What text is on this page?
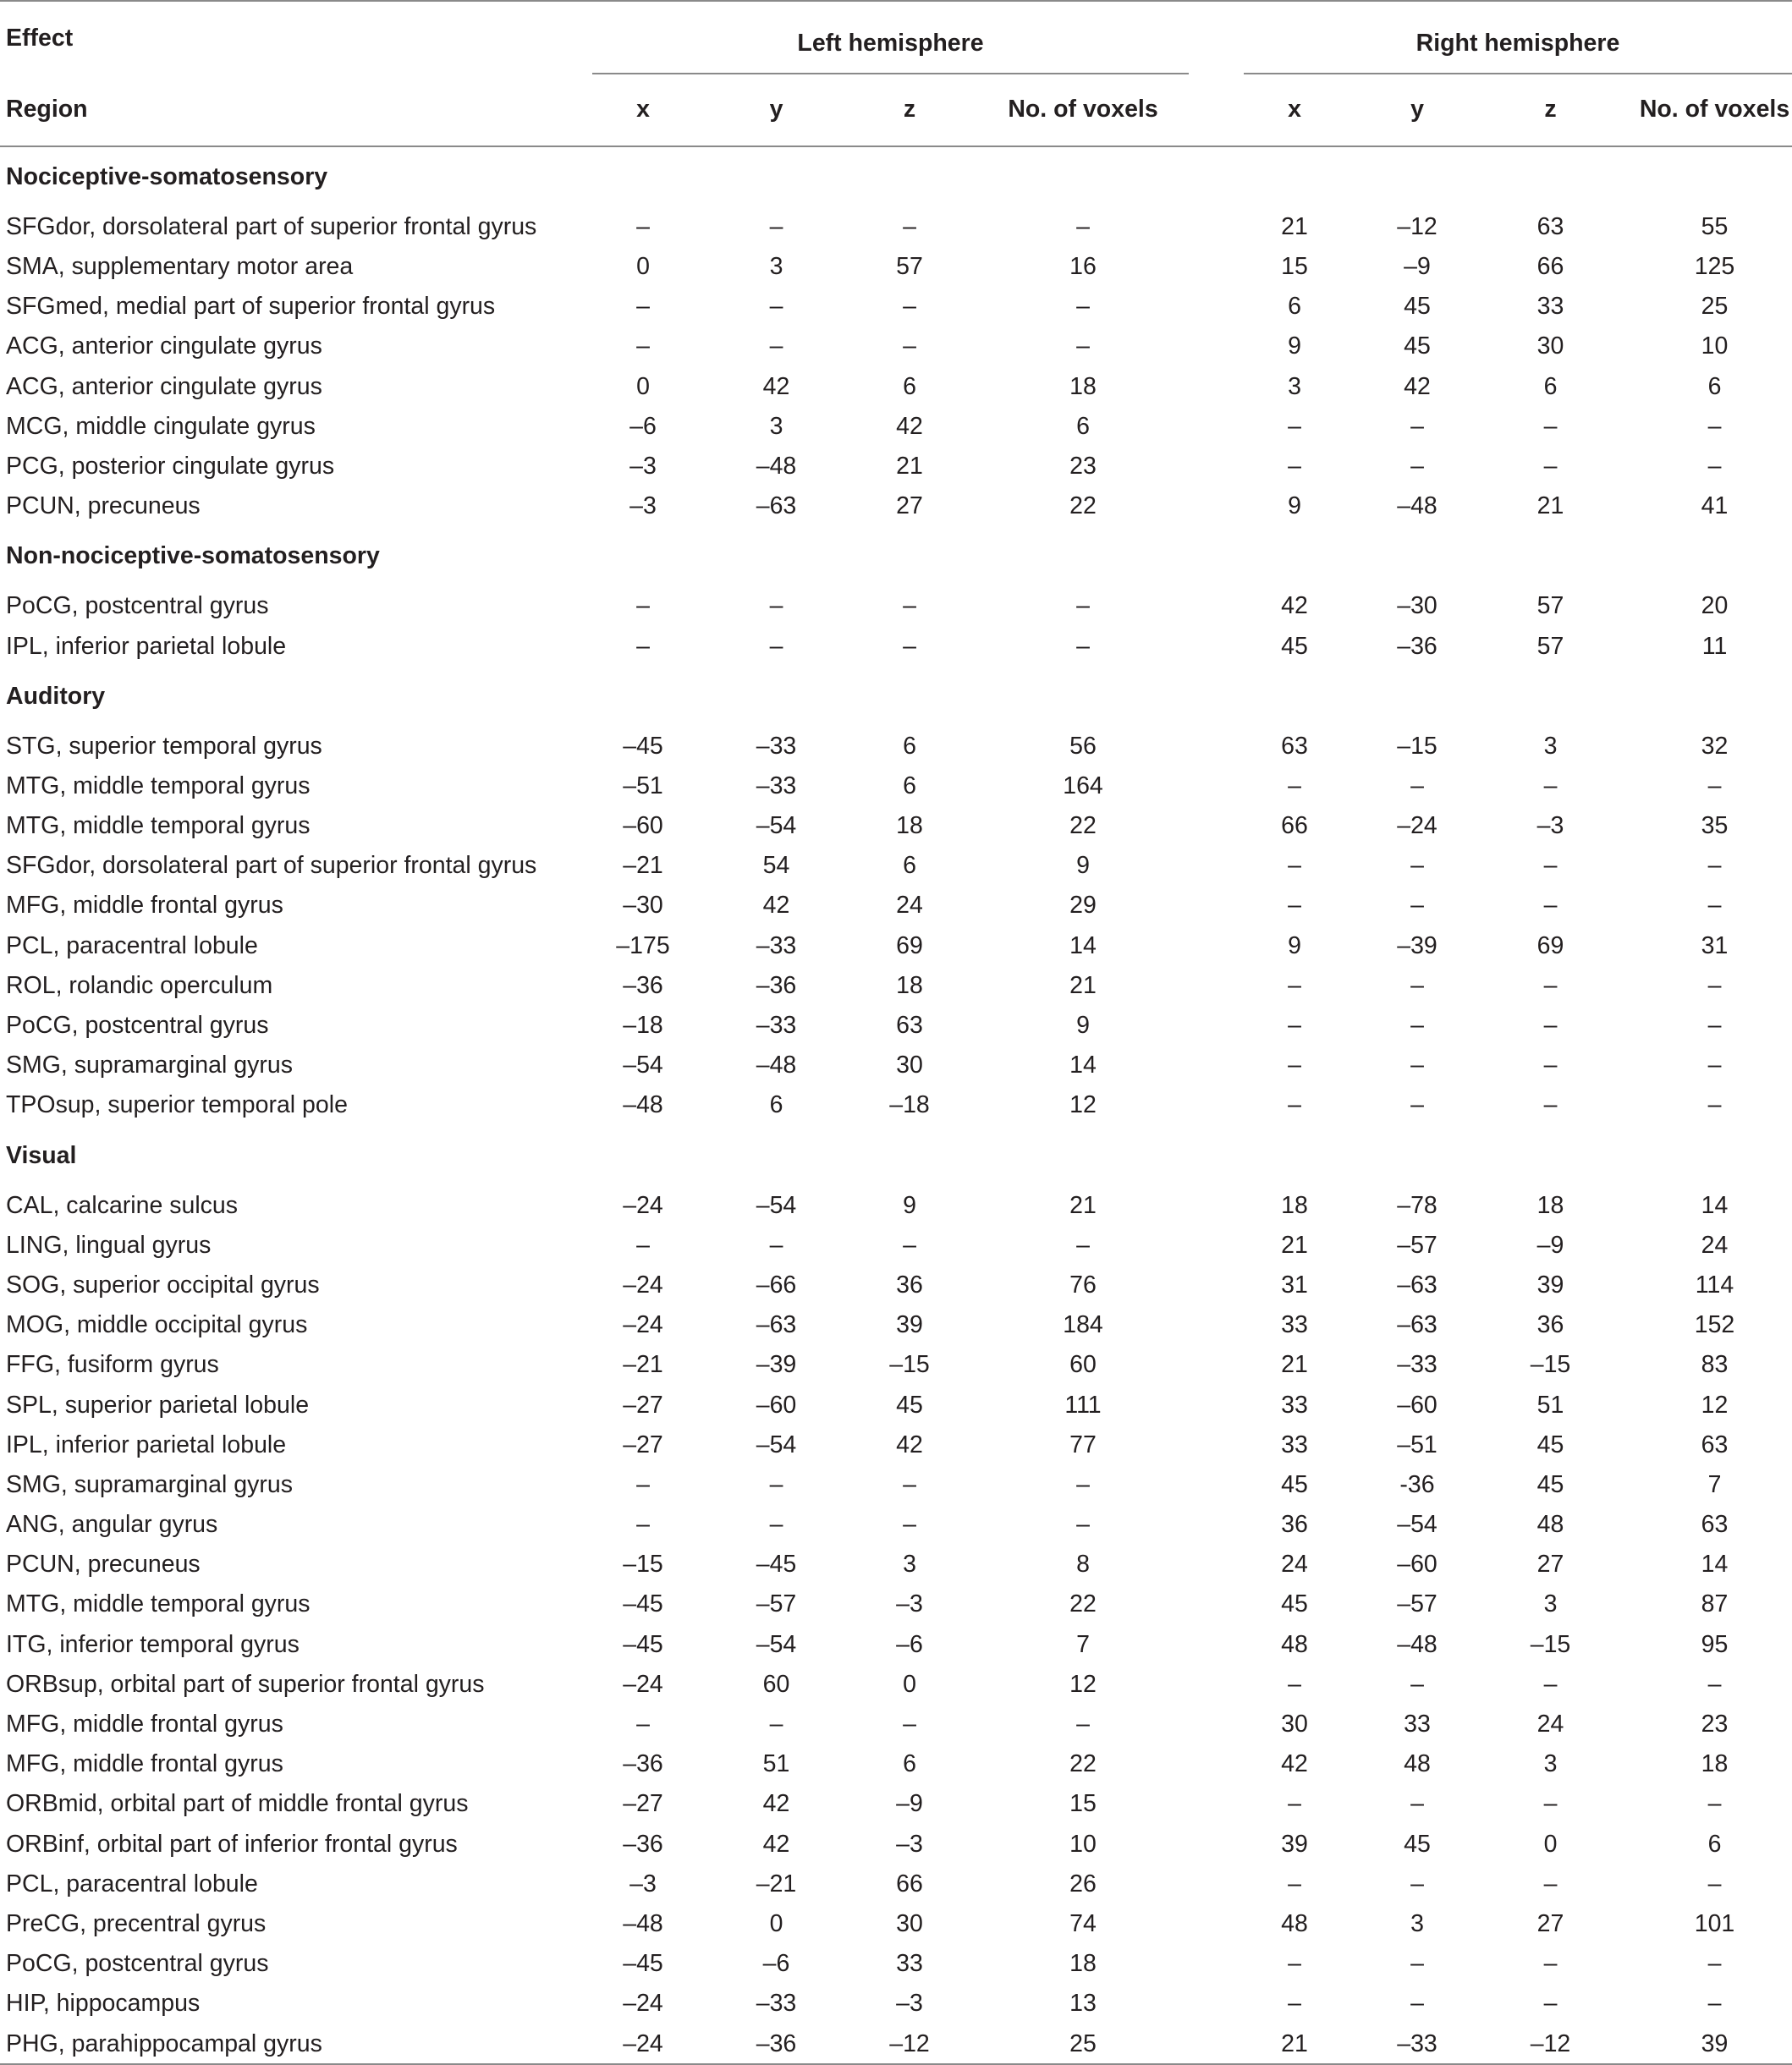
Effect	Left hemisphere					Right hemisphere			

Region	x	y	z	No. of voxels		x	y	z	No. of voxels
Nociceptive-somatosensory									
SFGdor, dorsolateral part of superior frontal gyrus	–	–	–	–		21	–12	63	55
SMA, supplementary motor area	0	3	57	16		15	–9	66	125
SFGmed, medial part of superior frontal gyrus	–	–	–	–		6	45	33	25
ACG, anterior cingulate gyrus	–	–	–	–		9	45	30	10
ACG, anterior cingulate gyrus	0	42	6	18		3	42	6	6
MCG, middle cingulate gyrus	–6	3	42	6		–	–	–	–
PCG, posterior cingulate gyrus	–3	–48	21	23		–	–	–	–
PCUN, precuneus	–3	–63	27	22		9	–48	21	41
Non-nociceptive-somatosensory									
PoCG, postcentral gyrus	–	–	–	–		42	–30	57	20
IPL, inferior parietal lobule	–	–	–	–		45	–36	57	11
Auditory									
STG, superior temporal gyrus	–45	–33	6	56		63	–15	3	32
MTG, middle temporal gyrus	–51	–33	6	164		–	–	–	–
MTG, middle temporal gyrus	–60	–54	18	22		66	–24	–3	35
SFGdor, dorsolateral part of superior frontal gyrus	–21	54	6	9		–	–	–	–
MFG, middle frontal gyrus	–30	42	24	29		–	–	–	–
PCL, paracentral lobule	–175	–33	69	14		9	–39	69	31
ROL, rolandic operculum	–36	–36	18	21		–	–	–	–
PoCG, postcentral gyrus	–18	–33	63	9		–	–	–	–
SMG, supramarginal gyrus	–54	–48	30	14		–	–	–	–
TPOsup, superior temporal pole	–48	6	–18	12		–	–	–	–
Visual									
CAL, calcarine sulcus	–24	–54	9	21		18	–78	18	14
LING, lingual gyrus	–	–	–	–		21	–57	–9	24
SOG, superior occipital gyrus	–24	–66	36	76		31	–63	39	114
MOG, middle occipital gyrus	–24	–63	39	184		33	–63	36	152
FFG, fusiform gyrus	–21	–39	–15	60		21	–33	–15	83
SPL, superior parietal lobule	–27	–60	45	111		33	–60	51	12
IPL, inferior parietal lobule	–27	–54	42	77		33	–51	45	63
SMG, supramarginal gyrus	–	–	–	–		45	-36	45	7
ANG, angular gyrus	–	–	–	–		36	–54	48	63
PCUN, precuneus	–15	–45	3	8		24	–60	27	14
MTG, middle temporal gyrus	–45	–57	–3	22		45	–57	3	87
ITG, inferior temporal gyrus	–45	–54	–6	7		48	–48	–15	95
ORBsup, orbital part of superior frontal gyrus	–24	60	0	12		–	–	–	–
MFG, middle frontal gyrus	–	–	–	–		30	33	24	23
MFG, middle frontal gyrus	–36	51	6	22		42	48	3	18
ORBmid, orbital part of middle frontal gyrus	–27	42	–9	15		–	–	–	–
ORBinf, orbital part of inferior frontal gyrus	–36	42	–3	10		39	45	0	6
PCL, paracentral lobule	–3	–21	66	26		–	–	–	–
PreCG, precentral gyrus	–48	0	30	74		48	3	27	101
PoCG, postcentral gyrus	–45	–6	33	18		–	–	–	–
HIP, hippocampus	–24	–33	–3	13		–	–	–	–
PHG, parahippocampal gyrus	–24	–36	–12	25		21	–33	–12	39
